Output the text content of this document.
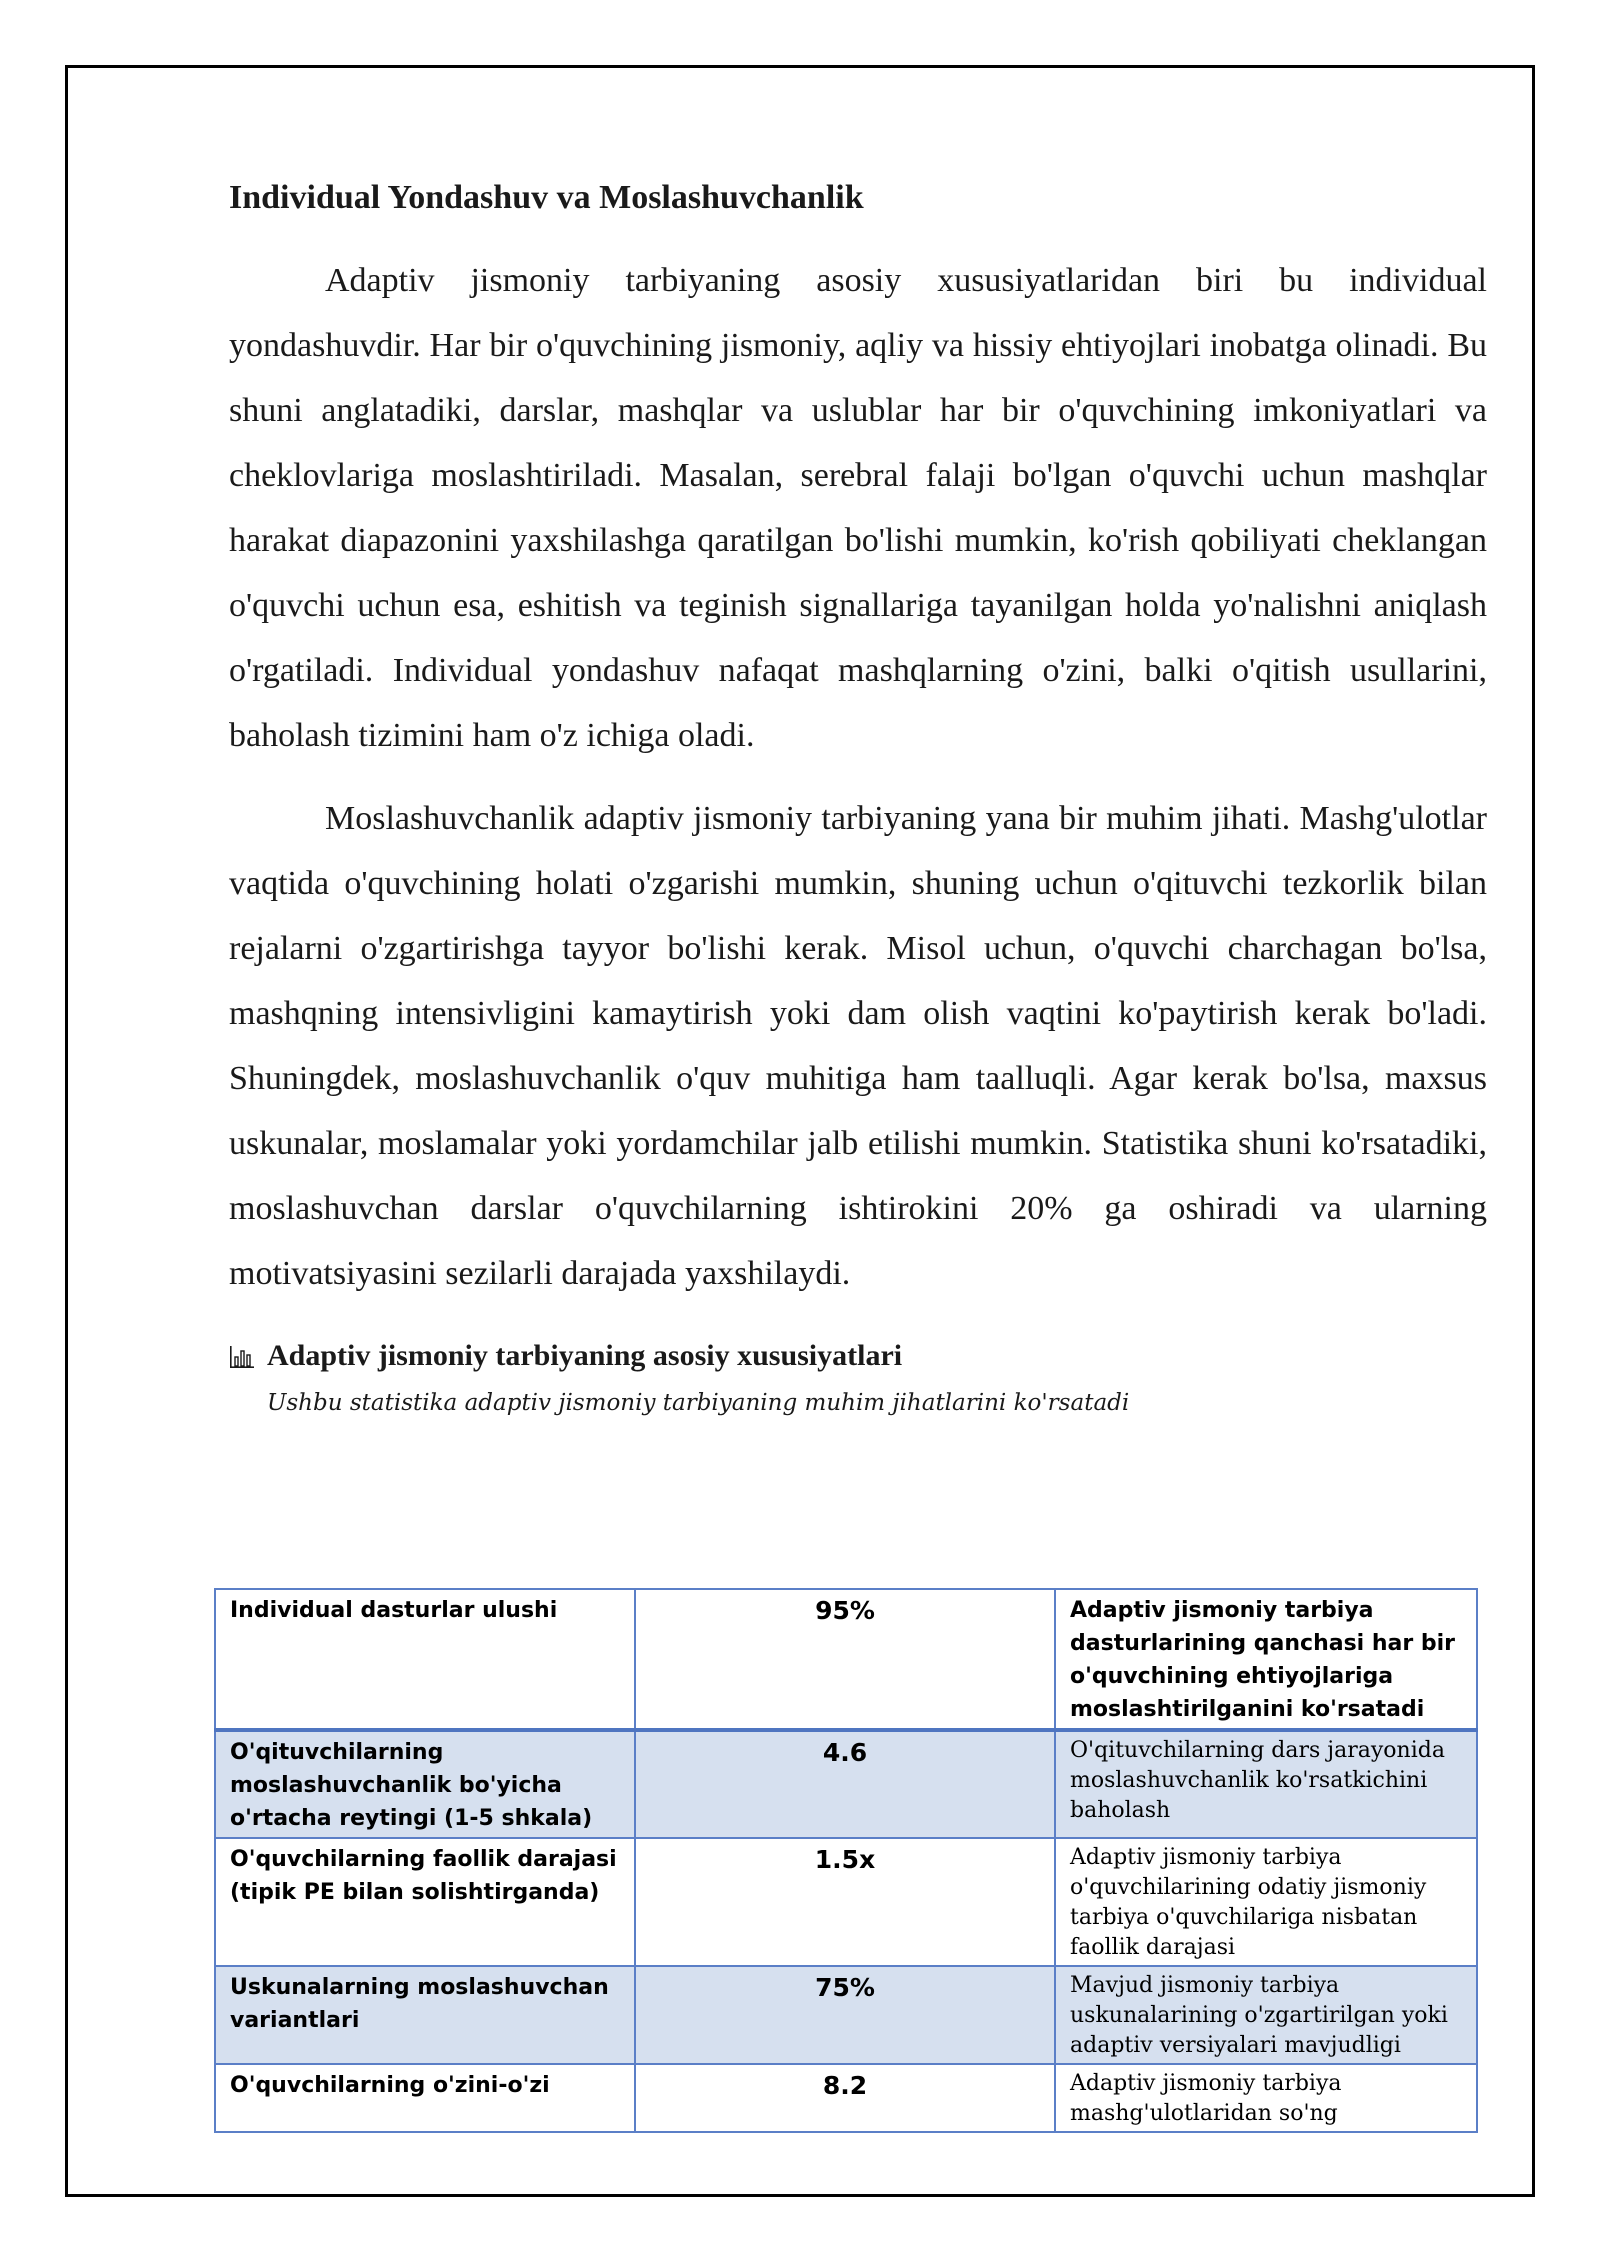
Individual Yondashuv va Moslashuvchanlik

Adaptiv jismoniy tarbiyaning asosiy xususiyatlaridan biri bu individual yondashuvdir. Har bir o'quvchining jismoniy, aqliy va hissiy ehtiyojlari inobatga olinadi. Bu shuni anglatadiki, darslar, mashqlar va uslublar har bir o'quvchining imkoniyatlari va cheklovlariga moslashtiriladi. Masalan, serebral falaji bo'lgan o'quvchi uchun mashqlar harakat diapazonini yaxshilashga qaratilgan bo'lishi mumkin, ko'rish qobiliyati cheklangan o'quvchi uchun esa, eshitish va teginish signallariga tayanilgan holda yo'nalishni aniqlash o'rgatiladi. Individual yondashuv nafaqat mashqlarning o'zini, balki o'qitish usullarini, baholash tizimini ham o'z ichiga oladi.

Moslashuvchanlik adaptiv jismoniy tarbiyaning yana bir muhim jihati. Mashg'ulotlar vaqtida o'quvchining holati o'zgarishi mumkin, shuning uchun o'qituvchi tezkorlik bilan rejalarni o'zgartirishga tayyor bo'lishi kerak. Misol uchun, o'quvchi charchagan bo'lsa, mashqning intensivligini kamaytirish yoki dam olish vaqtini ko'paytirish kerak bo'ladi. Shuningdek, moslashuvchanlik o'quv muhitiga ham taalluqli. Agar kerak bo'lsa, maxsus uskunalar, moslamalar yoki yordamchilar jalb etilishi mumkin. Statistika shuni ko'rsatadiki, moslashuvchan darslar o'quvchilarning ishtirokini 20% ga oshiradi va ularning motivatsiyasini sezilarli darajada yaxshilaydi.

Adaptiv jismoniy tarbiyaning asosiy xususiyatlari
Ushbu statistika adaptiv jismoniy tarbiyaning muhim jihatlarini ko'rsatadi
Individual dasturlar ulushi	95%	Adaptiv jismoniy tarbiya dasturlarining qanchasi har bir o'quvchining ehtiyojlariga moslashtirilganini ko'rsatadi
O'qituvchilarning moslashuvchanlik bo'yicha o'rtacha reytingi (1-5 shkala)	4.6	O'qituvchilarning dars jarayonida moslashuvchanlik ko'rsatkichini baholash
O'quvchilarning faollik darajasi (tipik PE bilan solishtirganda)	1.5x	Adaptiv jismoniy tarbiya o'quvchilarining odatiy jismoniy tarbiya o'quvchilariga nisbatan faollik darajasi
Uskunalarning moslashuvchan variantlari	75%	Mavjud jismoniy tarbiya uskunalarining o'zgartirilgan yoki adaptiv versiyalari mavjudligi
O'quvchilarning o'zini-o'zi	8.2	Adaptiv jismoniy tarbiya mashg'ulotlaridan so'ng
